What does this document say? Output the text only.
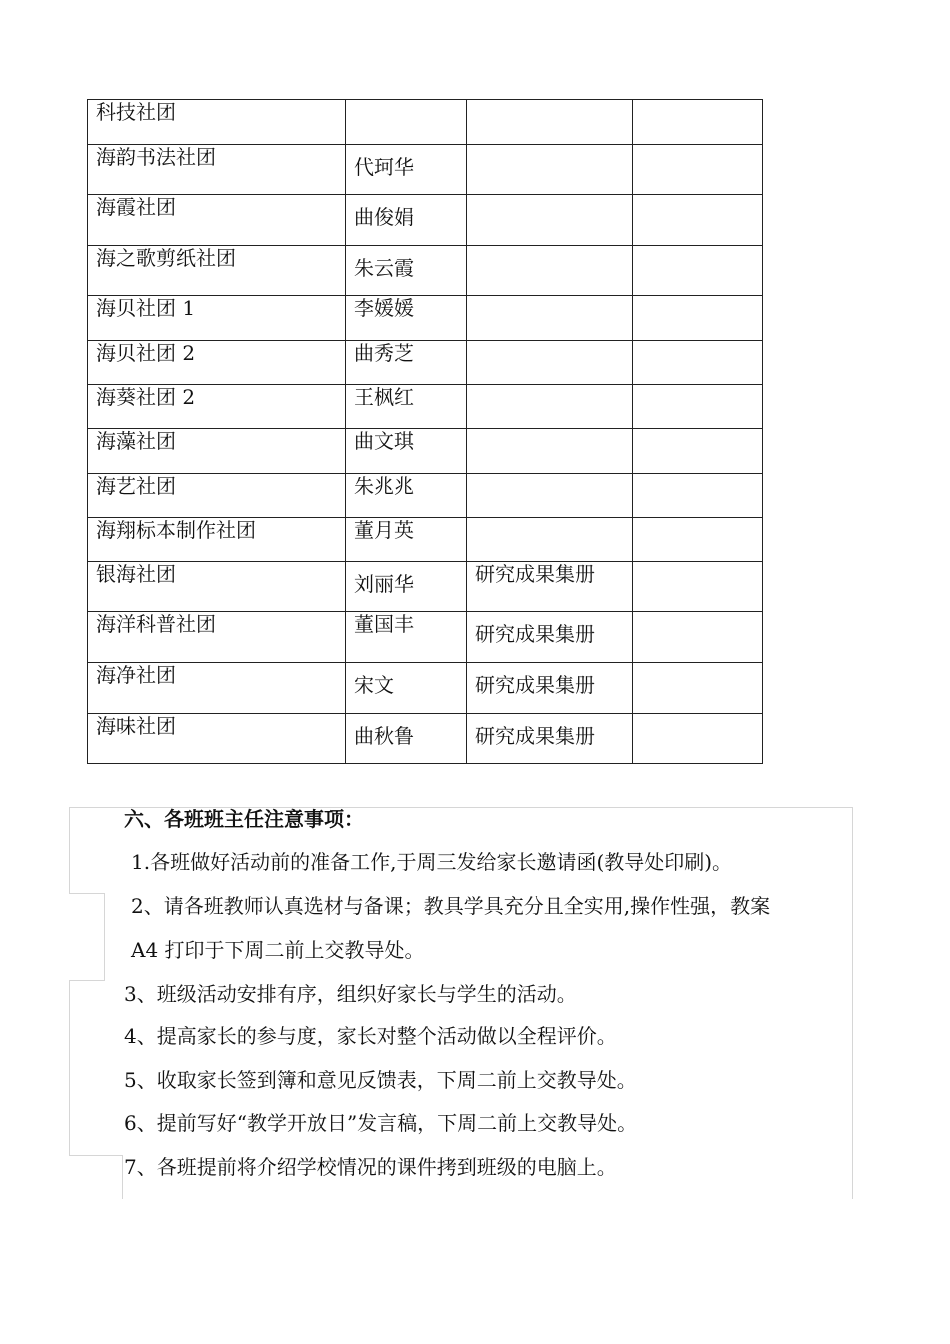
科技社团			

海韵书法社团	代珂华		

海霞社团	曲俊娟		

海之歌剪纸社团	朱云霞		

海贝社团 1	李媛媛		

海贝社团 2	曲秀芝		

海葵社团 2	王枫红		

海藻社团	曲文琪		

海艺社团	朱兆兆		

海翔标本制作社团	董月英		

银海社团	刘丽华	研究成果集册	

海洋科普社团	董国丰	研究成果集册	

海净社团	宋文	研究成果集册	

海味社团	曲秋鲁	研究成果集册	

六、各班班主任注意事项：
1.各班做好活动前的准备工作,于周三发给家长邀请函(教导处印刷)。
2、请各班教师认真选材与备课；教具学具充分且全实用,操作性强，教案
A4 打印于下周二前上交教导处。
3、班级活动安排有序，组织好家长与学生的活动。
4、提高家长的参与度，家长对整个活动做以全程评价。
5、收取家长签到簿和意见反馈表，下周二前上交教导处。
6、提前写好“教学开放日”发言稿，下周二前上交教导处。
7、各班提前将介绍学校情况的课件拷到班级的电脑上。
